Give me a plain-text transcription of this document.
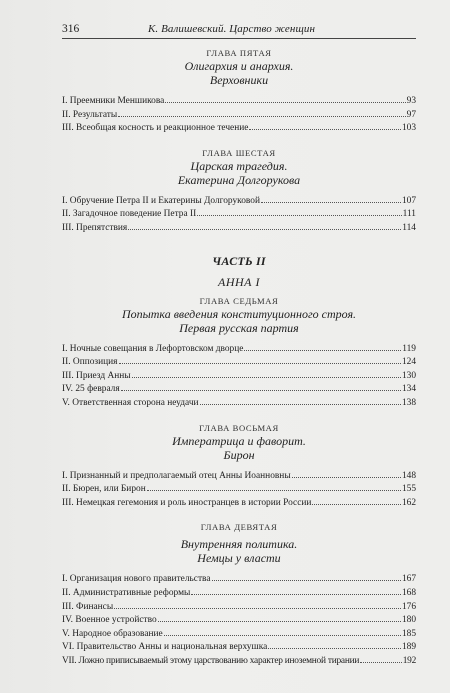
316	К. Валишевский. Царство женщин
ГЛАВА ПЯТАЯ
Олигархия и анархия.
Верховники
I. Преемники Меншикова	93
II. Результаты	97
III. Всеобщая косность и реакционное течение	103
ГЛАВА ШЕСТАЯ
Царская трагедия.
Екатерина Долгорукова
I. Обручение Петра II и Екатерины Долгоруковой	107
II. Загадочное поведение Петра II	111
III. Препятствия	114
ЧАСТЬ II
АННА I
ГЛАВА СЕДЬМАЯ
Попытка введения конституционного строя.
Первая русская партия
I. Ночные совещания в Лефортовском дворце	119
II. Оппозиция	124
III. Приезд Анны	130
IV. 25 февраля	134
V. Ответственная сторона неудачи	138
ГЛАВА ВОСЬМАЯ
Императрица и фаворит.
Бирон
I. Признанный и предполагаемый отец Анны Иоанновны	148
II. Бюрен, или Бирон	155
III. Немецкая гегемония и роль иностранцев в истории России	162
ГЛАВА ДЕВЯТАЯ
Внутренняя политика.
Немцы у власти
I. Организация нового правительства	167
II. Административные реформы	168
III. Финансы	176
IV. Военное устройство	180
V. Народное образование	185
VI. Правительство Анны и национальная верхушка	189
VII. Ложно приписываемый этому царствованию характер иноземной тирании	192
